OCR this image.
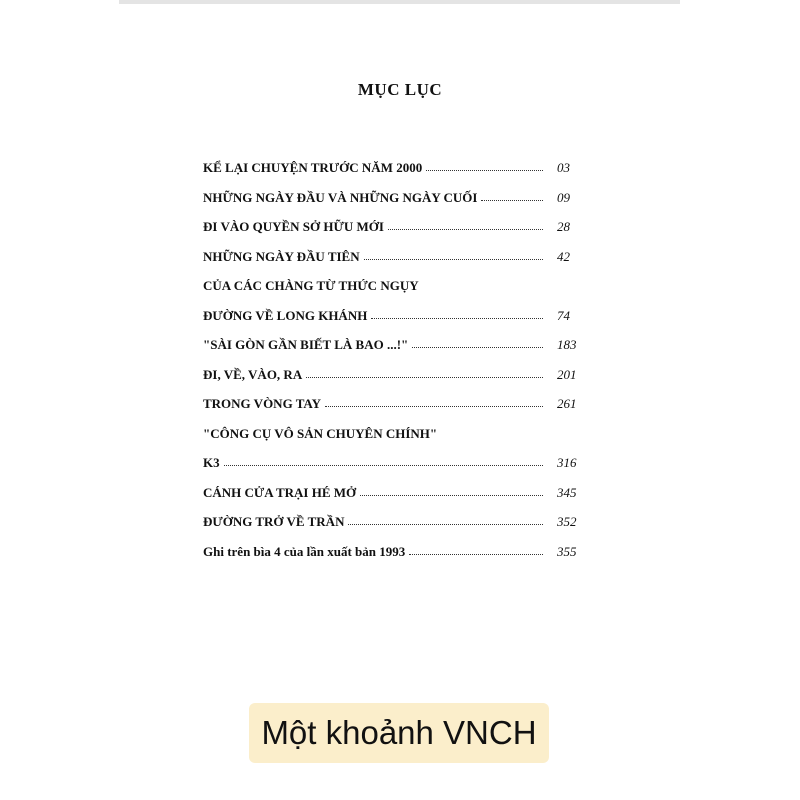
MỤC LỤC
KỂ LẠI CHUYỆN TRƯỚC NĂM 2000	03
NHỮNG NGÀY ĐẦU VÀ NHỮNG NGÀY CUỐI	09
ĐI VÀO QUYỀN SỞ HỮU MỚI	28
NHỮNG NGÀY ĐẦU TIÊN	42
CỦA CÁC CHÀNG TỪ THỨC NGỤY
ĐƯỜNG VỀ LONG KHÁNH	74
"SÀI GÒN GẦN BIẾT LÀ BAO ...!"	183
ĐI, VỀ, VÀO, RA	201
TRONG VÒNG TAY	261
"CÔNG CỤ VÔ SẢN CHUYÊN CHÍNH"
K3	316
CÁNH CỬA TRẠI HÉ MỞ	345
ĐƯỜNG TRỞ VỀ TRẦN	352
Ghi trên bìa 4 của lần xuất bản 1993	355
Một khoảnh VNCH
